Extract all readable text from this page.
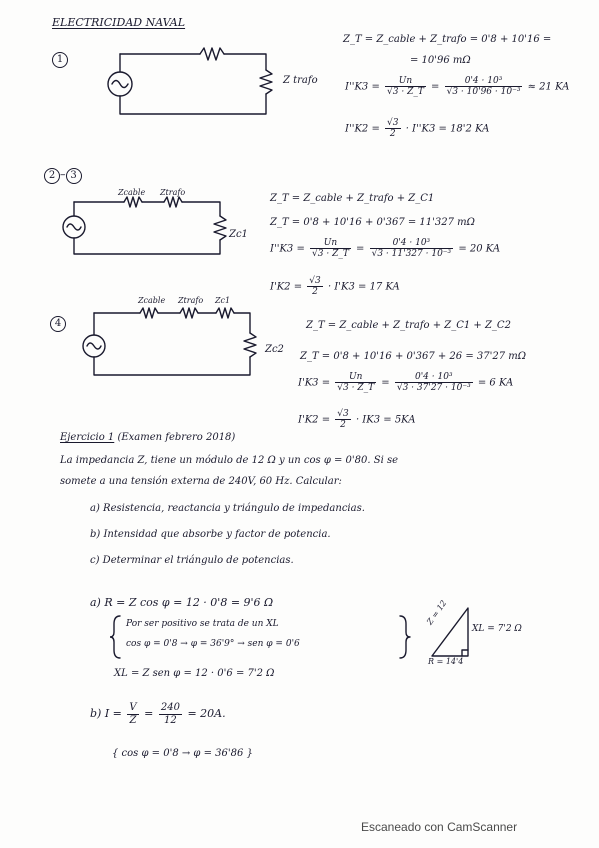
ELECTRICIDAD NAVAL
1
Z trafo
Z_T = Z_cable + Z_trafo = 0'8 + 10'16 =
= 10'96 mΩ
$I''K3 = \frac{Un}{√3 \cdot Z\_T} = \frac{\text{0'4 · 10³}}{\text{√3 · 10'96 · 10⁻³}} \approx 21$ KA
$I''K2 = \frac{√3}{2} \cdot I''K3 = 18'2$ KA
2 – 3
Zcable Ztrafo
Zc1
Z_T = Z_cable + Z_trafo + Z_C1
Z_T = 0'8 + 10'16 + 0'367 = 11'327 mΩ
$I''K3 = \frac{Un}{√3 \cdot Z\_T} = \frac{\text{0'4 · 10³}}{\text{√3 · 11'327 · 10⁻³}} = 20$ KA
$I'K2 = \frac{√3}{2} \cdot I'K3 = 17$ KA
4
Zcable Ztrafo Zc1
Zc2
Z_T = Z_cable + Z_trafo + Z_C1 + Z_C2
Z_T = 0'8 + 10'16 + 0'367 + 26 = 37'27 mΩ
$I'K3 = \frac{Un}{√3 \cdot Z\_T} = \frac{\text{0'4 · 10³}}{\text{√3 · 37'27 · 10⁻³}} = 6$ KA
$I'K2 = \frac{√3}{2} \cdot IK3 = 5KA$
Ejercicio 1 (Examen febrero 2018)
La impedancia Z, tiene un módulo de 12 Ω y un cos φ = 0'80. Si se
somete a una tensión externa de 240V, 60 Hz. Calcular:
a) Resistencia, reactancia y triángulo de impedancias.
b) Intensidad que absorbe y factor de potencia.
c) Determinar el triángulo de potencias.
a) R = Z cos φ = 12 · 0'8 = 9'6 Ω
Por ser positivo se trata de un XL
cos φ = 0'8 → φ = 36'9° → sen φ = 0'6
XL = Z sen φ = 12 · 0'6 = 7'2 Ω
Z = 12
XL = 7'2 Ω
R = 14'4
b) $I = \frac{V}{Z} = \frac{240}{12} = 20A$.
{ cos φ = 0'8 → φ = 36'86 }
Escaneado con CamScanner
